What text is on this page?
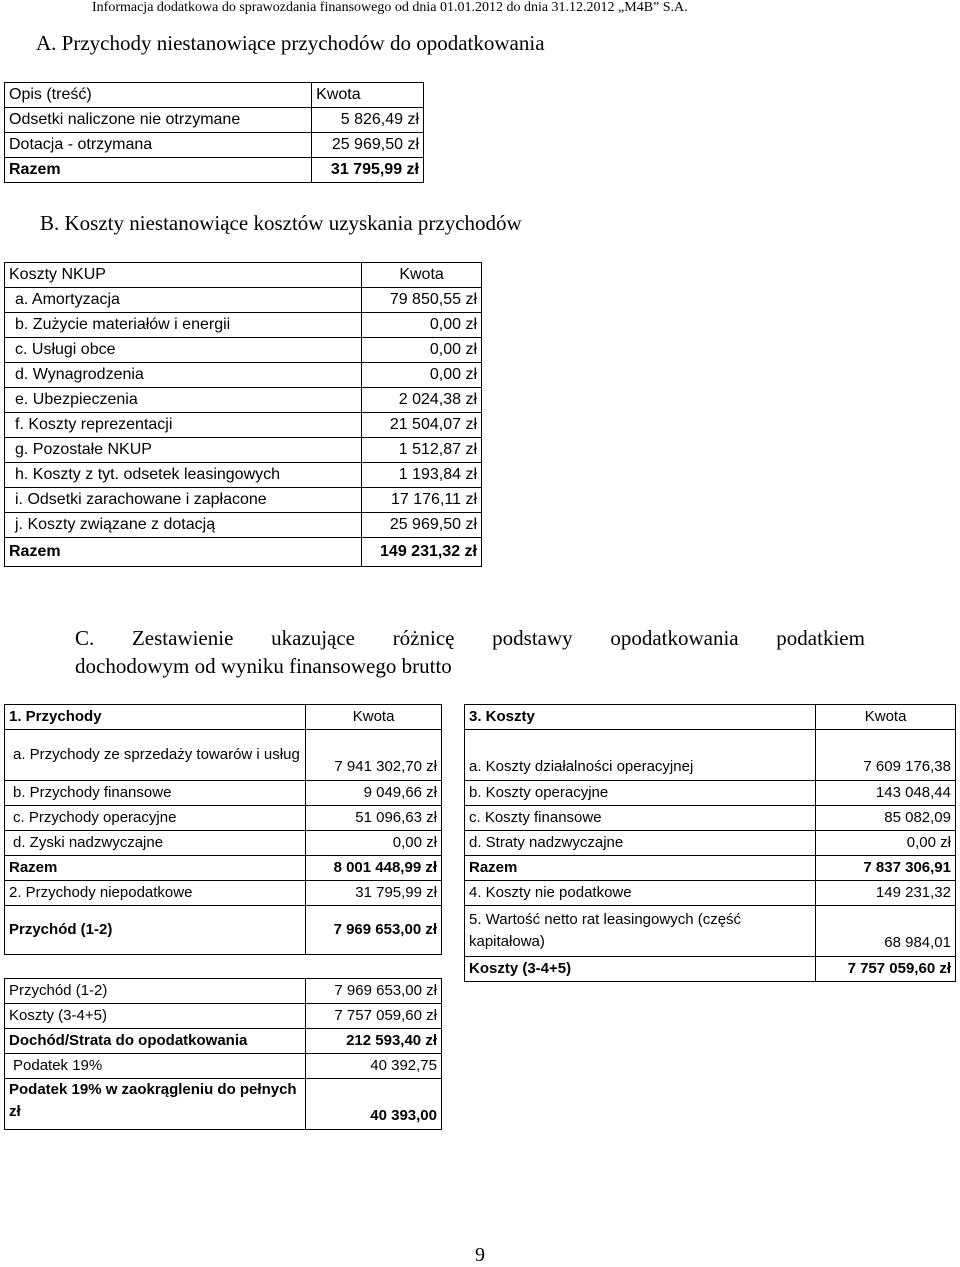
Informacja dodatkowa do sprawozdania finansowego od dnia 01.01.2012 do dnia 31.12.2012 „M4B” S.A.
A. Przychody niestanowiące przychodów do opodatkowania
Opis (treść)	Kwota
Odsetki naliczone nie otrzymane	5 826,49 zł
Dotacja - otrzymana	25 969,50 zł
Razem	31 795,99 zł
B. Koszty niestanowiące kosztów uzyskania przychodów
Koszty NKUP	Kwota
a. Amortyzacja	79 850,55 zł
b. Zużycie materiałów i energii	0,00 zł
c. Usługi obce	0,00 zł
d. Wynagrodzenia	0,00 zł
e. Ubezpieczenia	2 024,38 zł
f. Koszty reprezentacji	21 504,07 zł
g. Pozostałe NKUP	1 512,87 zł
h. Koszty z tyt. odsetek leasingowych	1 193,84 zł
i. Odsetki zarachowane i zapłacone	17 176,11 zł
j. Koszty związane z dotacją	25 969,50 zł
Razem	149 231,32 zł
C. Zestawienie ukazujące różnicę podstawy opodatkowania podatkiem
dochodowym od wyniku finansowego brutto
1. Przychody	Kwota
a. Przychody ze sprzedaży towarów i usług	7 941 302,70 zł
b. Przychody finansowe	9 049,66 zł
c. Przychody operacyjne	51 096,63 zł
d. Zyski nadzwyczajne	0,00 zł
Razem	8 001 448,99 zł
2. Przychody niepodatkowe	31 795,99 zł
Przychód (1-2)	7 969 653,00 zł
3. Koszty	Kwota
a. Koszty działalności operacyjnej	7 609 176,38
b. Koszty operacyjne	143 048,44
c. Koszty finansowe	85 082,09
d. Straty nadzwyczajne	0,00 zł
Razem	7 837 306,91
4. Koszty nie podatkowe	149 231,32
5. Wartość netto rat leasingowych (część kapitałowa)	68 984,01
Koszty (3-4+5)	7 757 059,60 zł
Przychód (1-2)	7 969 653,00 zł
Koszty (3-4+5)	7 757 059,60 zł
Dochód/Strata do opodatkowania	212 593,40 zł
Podatek 19%	40 392,75
Podatek 19% w zaokrągleniu do pełnych zł	40 393,00
9
